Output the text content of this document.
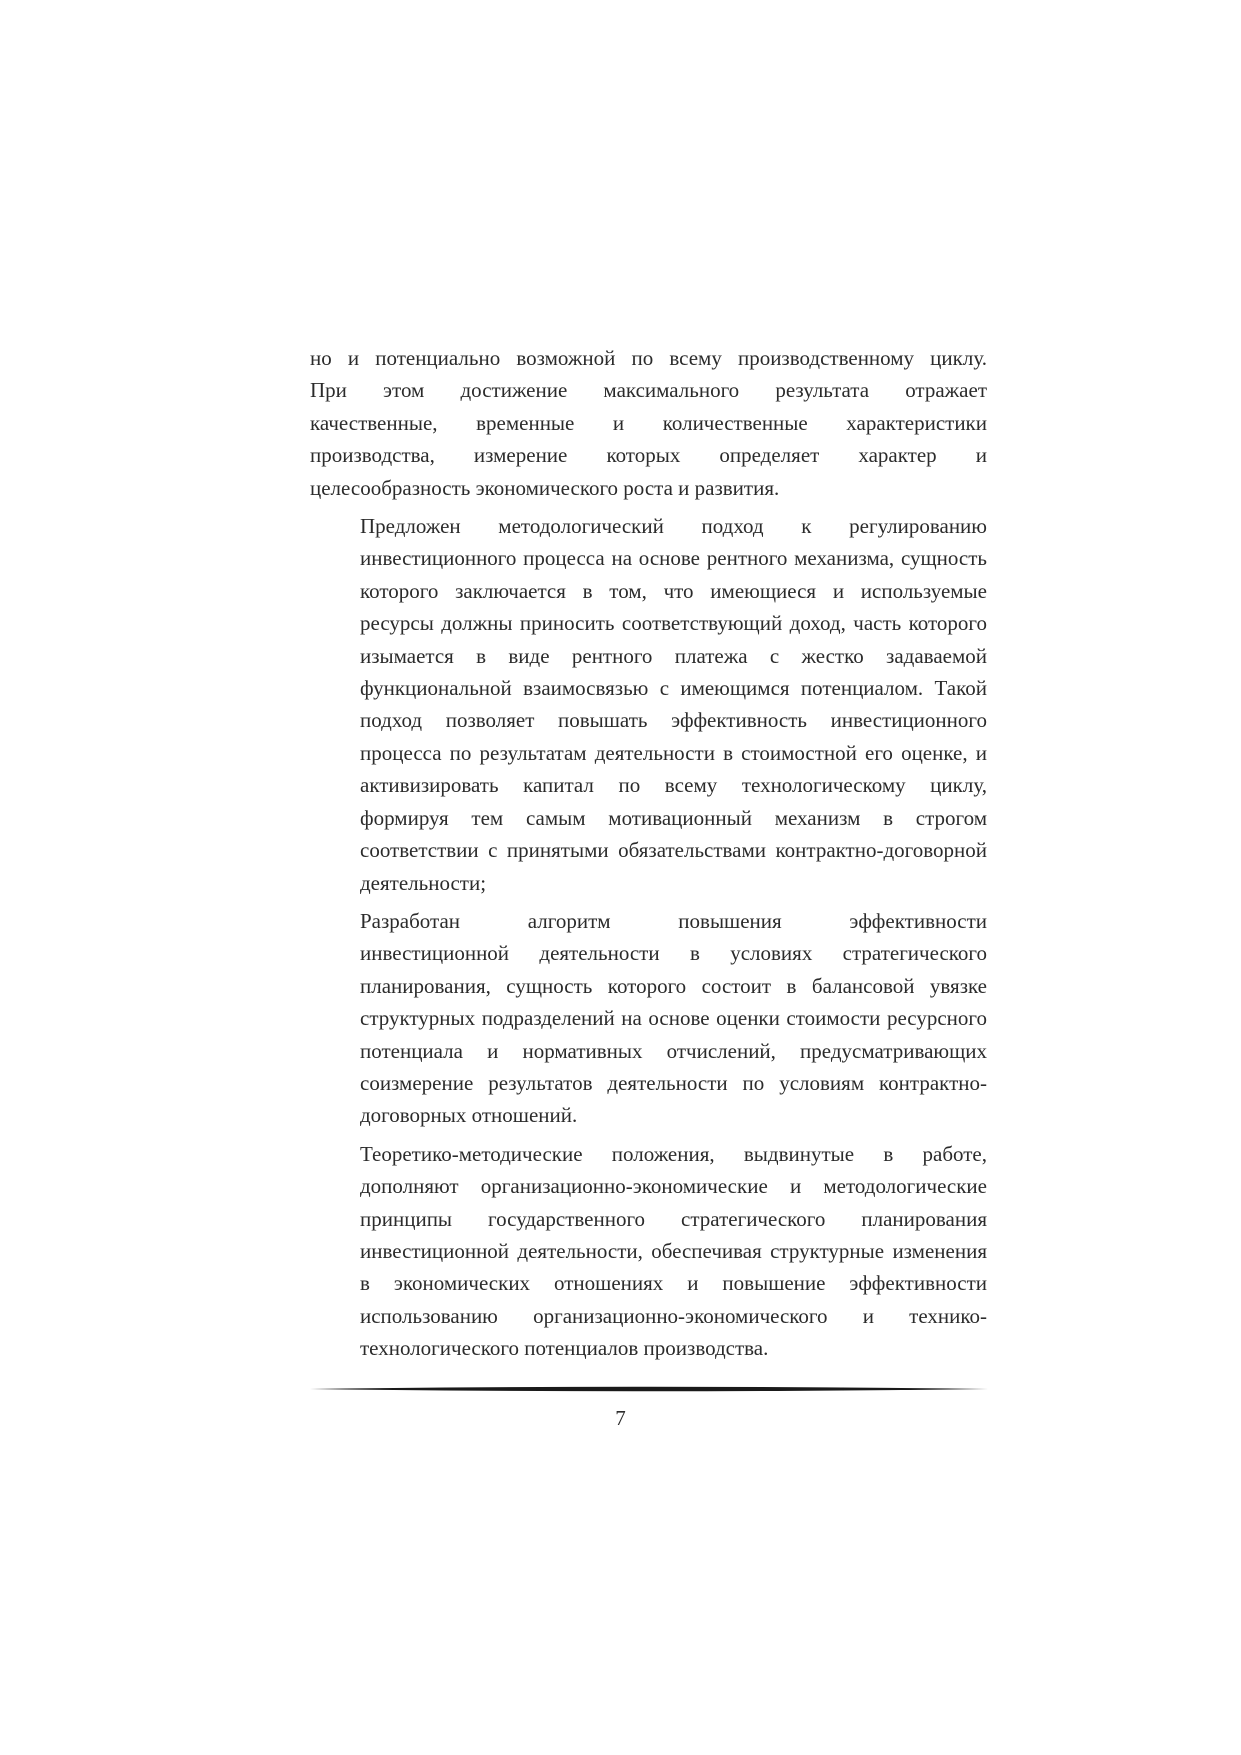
но и потенциально возможной по всему производственному циклу.
При этом достижение максимального результата отражает
качественные, временные и количественные характеристики
производства, измерение которых определяет характер и
целесообразность экономического роста и развития.
Предложен методологический подход к регулированию
инвестиционного процесса на основе рентного механизма, сущность
которого заключается в том, что имеющиеся и используемые
ресурсы должны приносить соответствующий доход, часть которого
изымается в виде рентного платежа с жестко задаваемой
функциональной взаимосвязью с имеющимся потенциалом. Такой
подход позволяет повышать эффективность инвестиционного
процесса по результатам деятельности в стоимостной его оценке, и
активизировать капитал по всему технологическому циклу,
формируя тем самым мотивационный механизм в строгом
соответствии с принятыми обязательствами контрактно-договорной
деятельности;
Разработан алгоритм повышения эффективности
инвестиционной деятельности в условиях стратегического
планирования, сущность которого состоит в балансовой увязке
структурных подразделений на основе оценки стоимости ресурсного
потенциала и нормативных отчислений, предусматривающих
соизмерение результатов деятельности по условиям контрактно-
договорных отношений.
Теоретико-методические положения, выдвинутые в работе,
дополняют организационно-экономические и методологические
принципы государственного стратегического планирования
инвестиционной деятельности, обеспечивая структурные изменения
в экономических отношениях и повышение эффективности
использованию организационно-экономического и технико-
технологического потенциалов производства.
7
